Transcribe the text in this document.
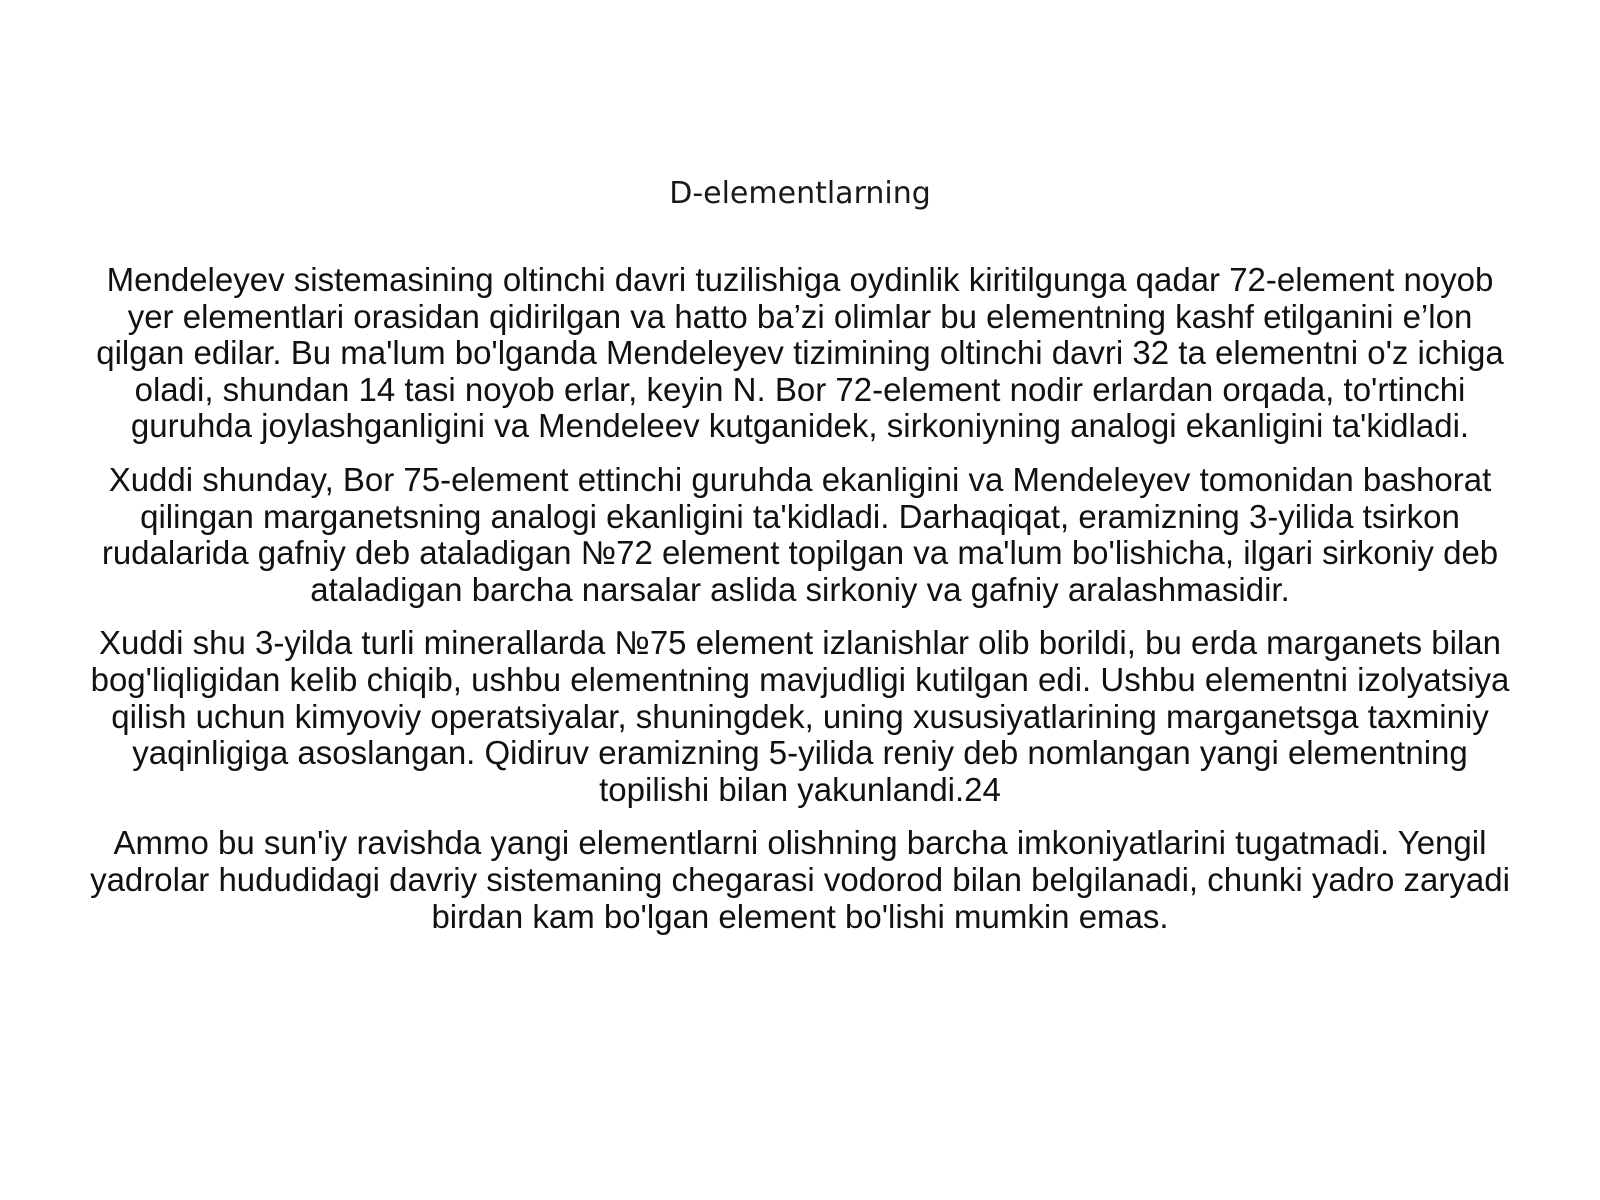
D-elementlarning

Mendeleyev sistemasining oltinchi davri tuzilishiga oydinlik kiritilgunga qadar 72-element noyob yer elementlari orasidan qidirilgan va hatto ba’zi olimlar bu elementning kashf etilganini e’lon qilgan edilar. Bu ma'lum bo'lganda Mendeleyev tizimining oltinchi davri 32 ta elementni o'z ichiga oladi, shundan 14 tasi noyob erlar, keyin N. Bor 72-element nodir erlardan orqada, to'rtinchi guruhda joylashganligini va Mendeleev kutganidek, sirkoniyning analogi ekanligini ta'kidladi.

Xuddi shunday, Bor 75-element ettinchi guruhda ekanligini va Mendeleyev tomonidan bashorat qilingan marganetsning analogi ekanligini ta'kidladi. Darhaqiqat, eramizning 3-yilida tsirkon rudalarida gafniy deb ataladigan №72 element topilgan va ma'lum bo'lishicha, ilgari sirkoniy deb ataladigan barcha narsalar aslida sirkoniy va gafniy aralashmasidir.

Xuddi shu 3-yilda turli minerallarda №75 element izlanishlar olib borildi, bu erda marganets bilan bog'liqligidan kelib chiqib, ushbu elementning mavjudligi kutilgan edi. Ushbu elementni izolyatsiya qilish uchun kimyoviy operatsiyalar, shuningdek, uning xususiyatlarining marganetsga taxminiy yaqinligiga asoslangan. Qidiruv eramizning 5-yilida reniy deb nomlangan yangi elementning topilishi bilan yakunlandi.24

Ammo bu sun'iy ravishda yangi elementlarni olishning barcha imkoniyatlarini tugatmadi. Yengil yadrolar hududidagi davriy sistemaning chegarasi vodorod bilan belgilanadi, chunki yadro zaryadi birdan kam bo'lgan element bo'lishi mumkin emas.
